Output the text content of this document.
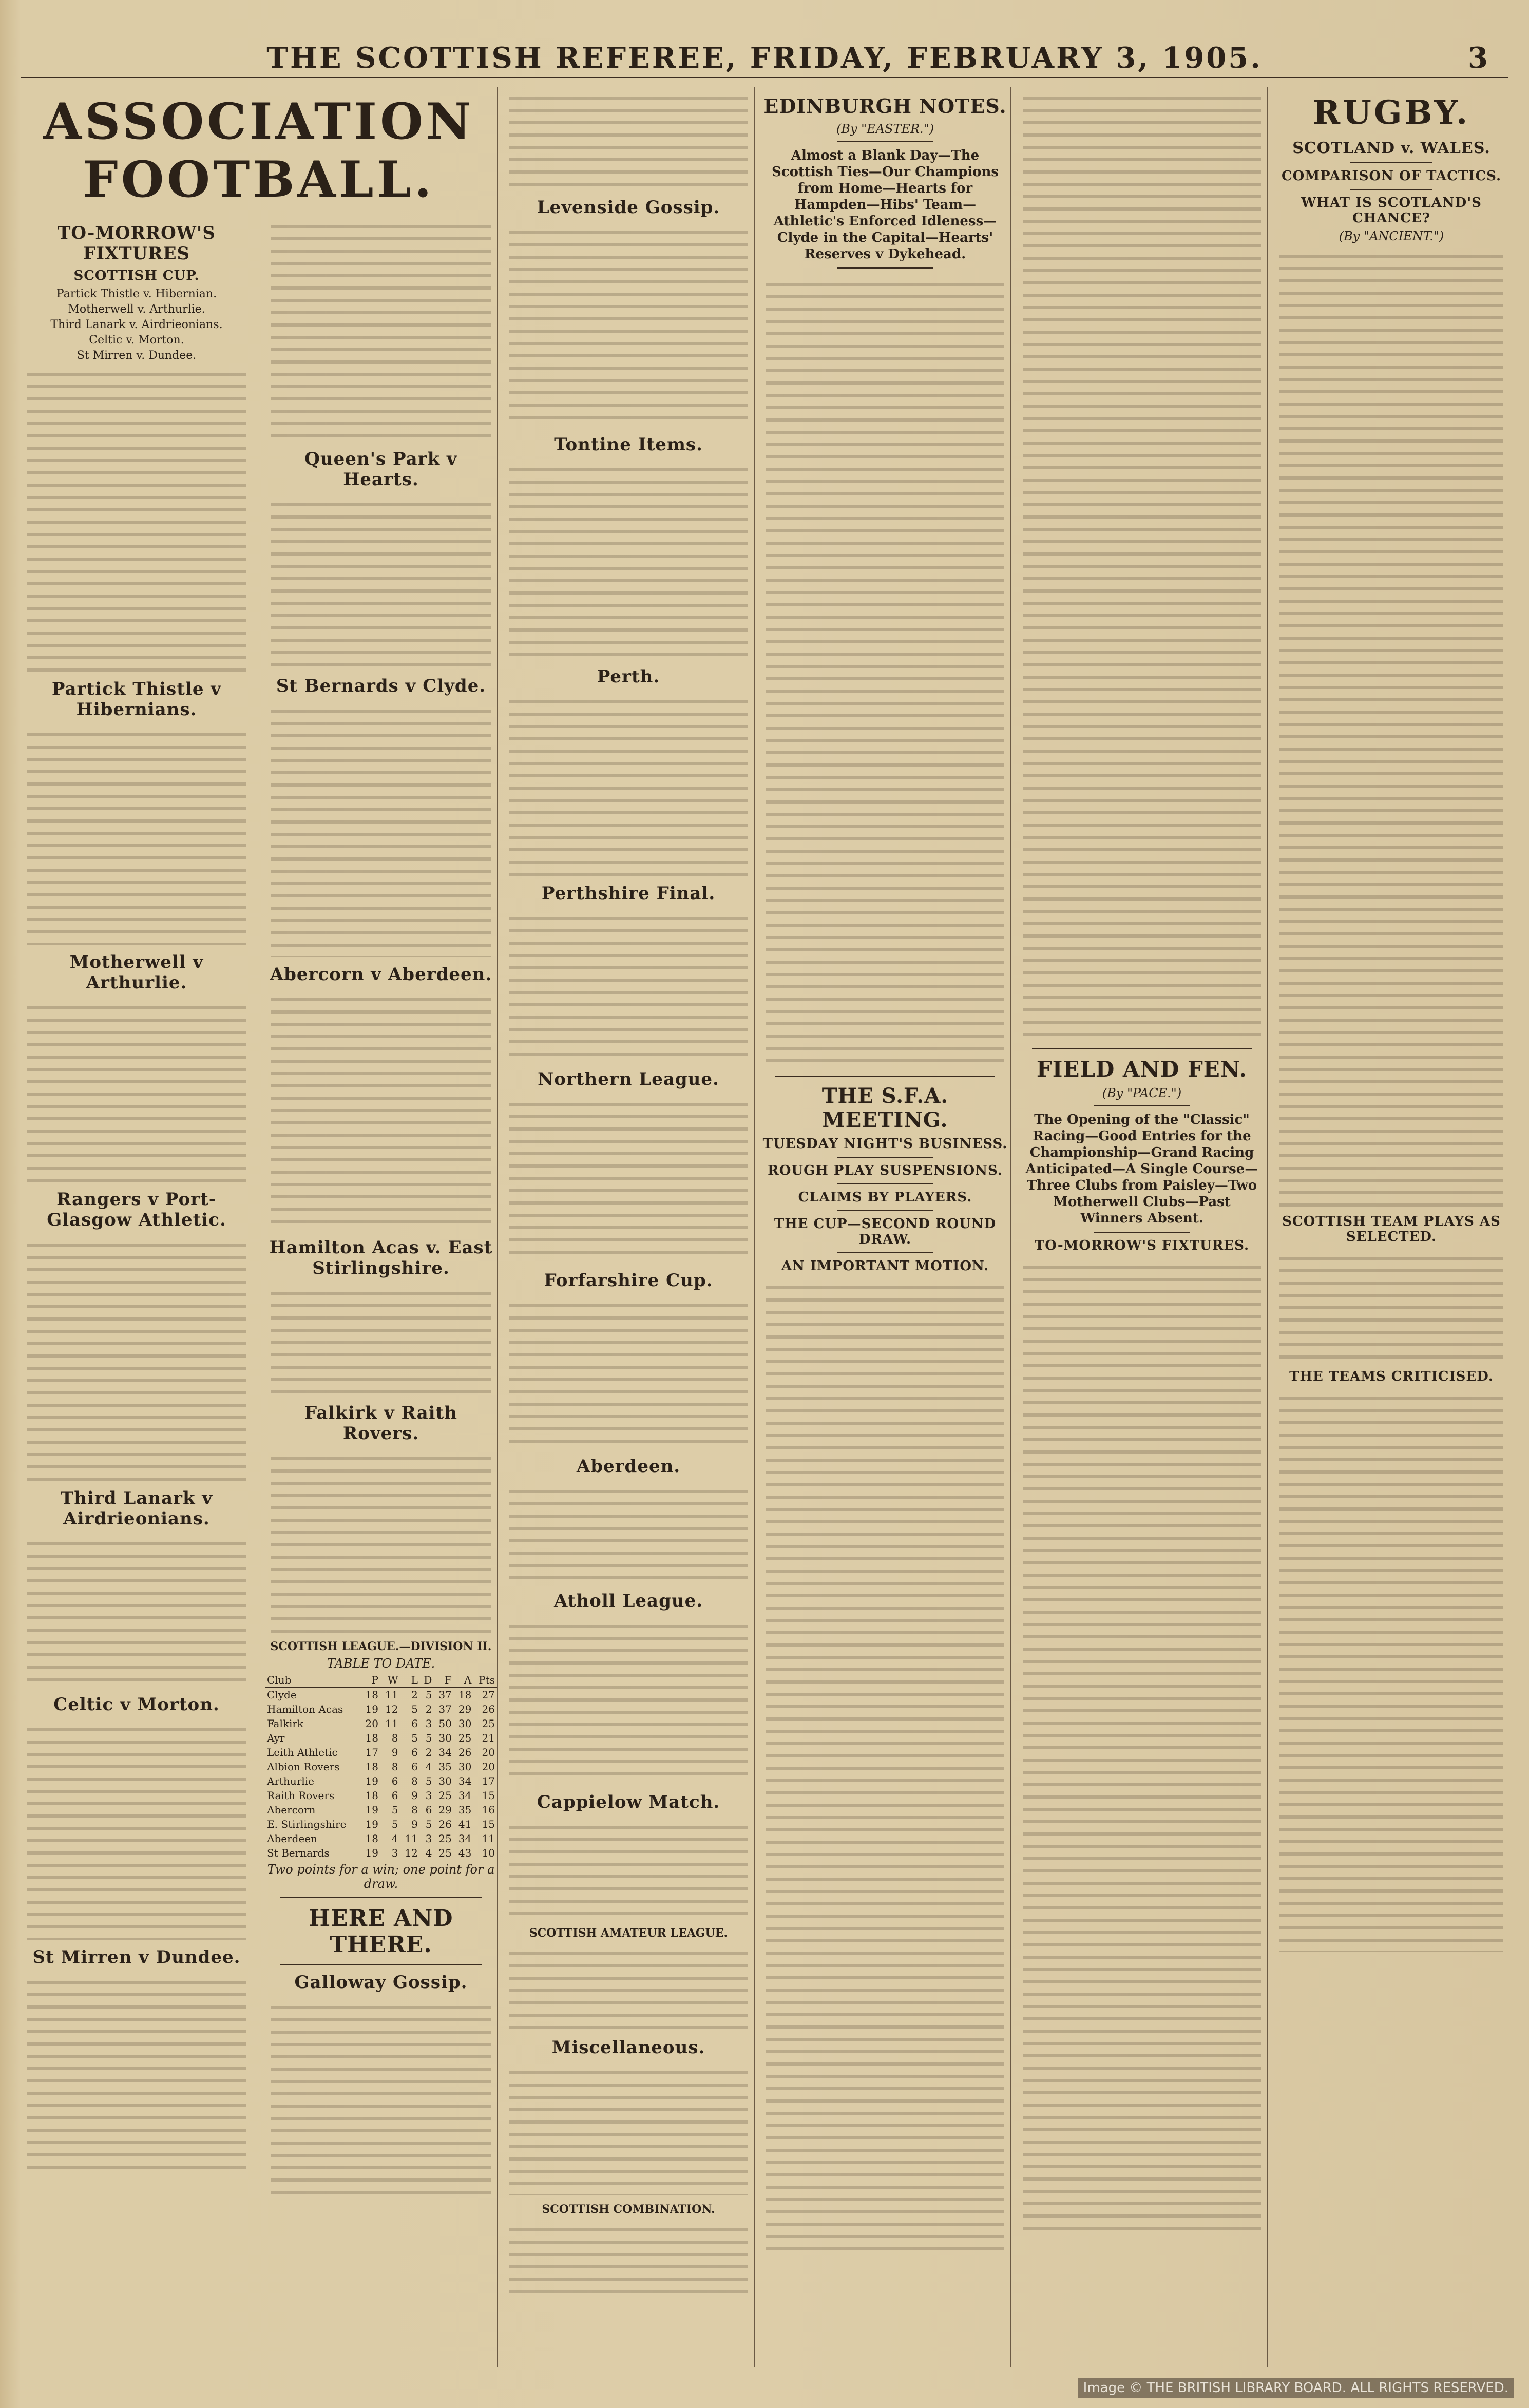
THE SCOTTISH REFEREE, FRIDAY, FEBRUARY 3, 1905.	3
ASSOCIATION FOOTBALL.
TO-MORROW'S FIXTURES
SCOTTISH CUP.
Partick Thistle v. Hibernian.
Motherwell v. Arthurlie.
Third Lanark v. Airdrieonians.
Celtic v. Morton.
St Mirren v. Dundee.
Partick Thistle v Hibernians.
Motherwell v Arthurlie.
Rangers v Port-Glasgow Athletic.
Third Lanark v Airdrieonians.
Celtic v Morton.
St Mirren v Dundee.
Queen's Park v Hearts.
St Bernards v Clyde.
Abercorn v Aberdeen.
Hamilton Acas v. East Stirlingshire.
Falkirk v Raith Rovers.
SCOTTISH LEAGUE.—DIVISION II.
TABLE TO DATE.
Club	P	W	L	D	F	A	Pts
Clyde	18	11	2	5	37	18	27
Hamilton Acas	19	12	5	2	37	29	26
Falkirk	20	11	6	3	50	30	25
Ayr	18	8	5	5	30	25	21
Leith Athletic	17	9	6	2	34	26	20
Albion Rovers	18	8	6	4	35	30	20
Arthurlie	19	6	8	5	30	34	17
Raith Rovers	18	6	9	3	25	34	15
Abercorn	19	5	8	6	29	35	16
E. Stirlingshire	19	5	9	5	26	41	15
Aberdeen	18	4	11	3	25	34	11
St Bernards	19	3	12	4	25	43	10
Two points for a win; one point for a draw.
HERE AND THERE.
Galloway Gossip.
Levenside Gossip.
Tontine Items.
Perth.
Perthshire Final.
Northern League.
Forfarshire Cup.
Aberdeen.
Atholl League.
Cappielow Match.
SCOTTISH AMATEUR LEAGUE.
Miscellaneous.
SCOTTISH COMBINATION.
EDINBURGH NOTES.
(By "EASTER.")
Almost a Blank Day—The Scottish Ties—Our Champions from Home—Hearts for Hampden—Hibs' Team—Athletic's Enforced Idleness—Clyde in the Capital—Hearts' Reserves v Dykehead.
THE S.F.A. MEETING.
TUESDAY NIGHT'S BUSINESS.
ROUGH PLAY SUSPENSIONS.
CLAIMS BY PLAYERS.
THE CUP—SECOND ROUND DRAW.
AN IMPORTANT MOTION.
FIELD AND FEN.
(By "PACE.")
The Opening of the "Classic" Racing—Good Entries for the Championship—Grand Racing Anticipated—A Single Course—Three Clubs from Paisley—Two Motherwell Clubs—Past Winners Absent.
TO-MORROW'S FIXTURES.
RUGBY.
SCOTLAND v. WALES.
COMPARISON OF TACTICS.
WHAT IS SCOTLAND'S CHANCE?
(By "ANCIENT.")
SCOTTISH TEAM PLAYS AS SELECTED.
THE TEAMS CRITICISED.
Image © THE BRITISH LIBRARY BOARD. ALL RIGHTS RESERVED.
